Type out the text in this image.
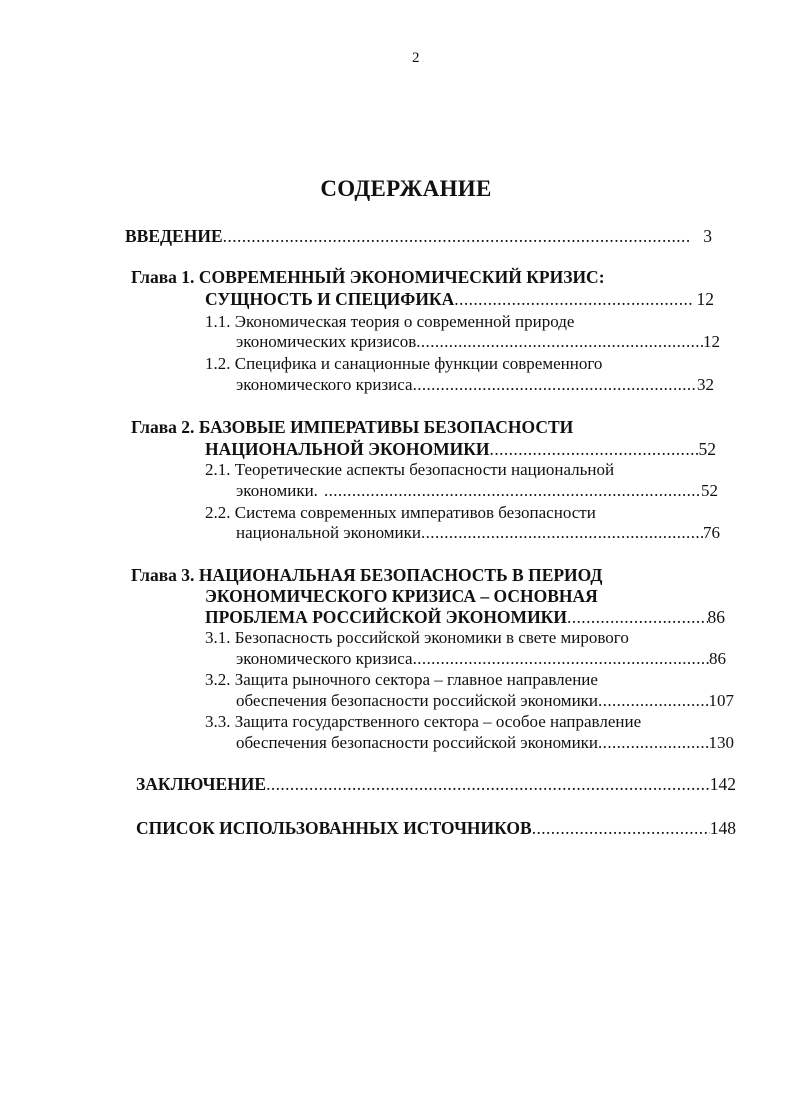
2
СОДЕРЖАНИЕ
ВВЕДЕНИЕ .....	3
Глава 1. СОВРЕМЕННЫЙ ЭКОНОМИЧЕСКИЙ КРИЗИС:
СУЩНОСТЬ И СПЕЦИФИКА .....	12
1.1. Экономическая теория о современной природе
экономических кризисов .....	12
1.2. Специфика и санационные функции современного
экономического кризиса .....	32
Глава 2. БАЗОВЫЕ ИМПЕРАТИВЫ БЕЗОПАСНОСТИ
НАЦИОНАЛЬНОЙ ЭКОНОМИКИ .....	52
2.1. Теоретические аспекты безопасности национальной
экономики. .....	52
2.2. Система современных императивов безопасности
национальной экономики .....	76
Глава 3. НАЦИОНАЛЬНАЯ БЕЗОПАСНОСТЬ В ПЕРИОД
ЭКОНОМИЧЕСКОГО КРИЗИСА – ОСНОВНАЯ
ПРОБЛЕМА РОССИЙСКОЙ ЭКОНОМИКИ .....	86
3.1. Безопасность российской экономики в свете мирового
экономического кризиса .....	86
3.2. Защита рыночного сектора – главное направление
обеспечения безопасности российской экономики .....	107
3.3. Защита государственного сектора – особое направление
обеспечения безопасности российской экономики .....	130
ЗАКЛЮЧЕНИЕ .....	142
СПИСОК ИСПОЛЬЗОВАННЫХ ИСТОЧНИКОВ .....	148
